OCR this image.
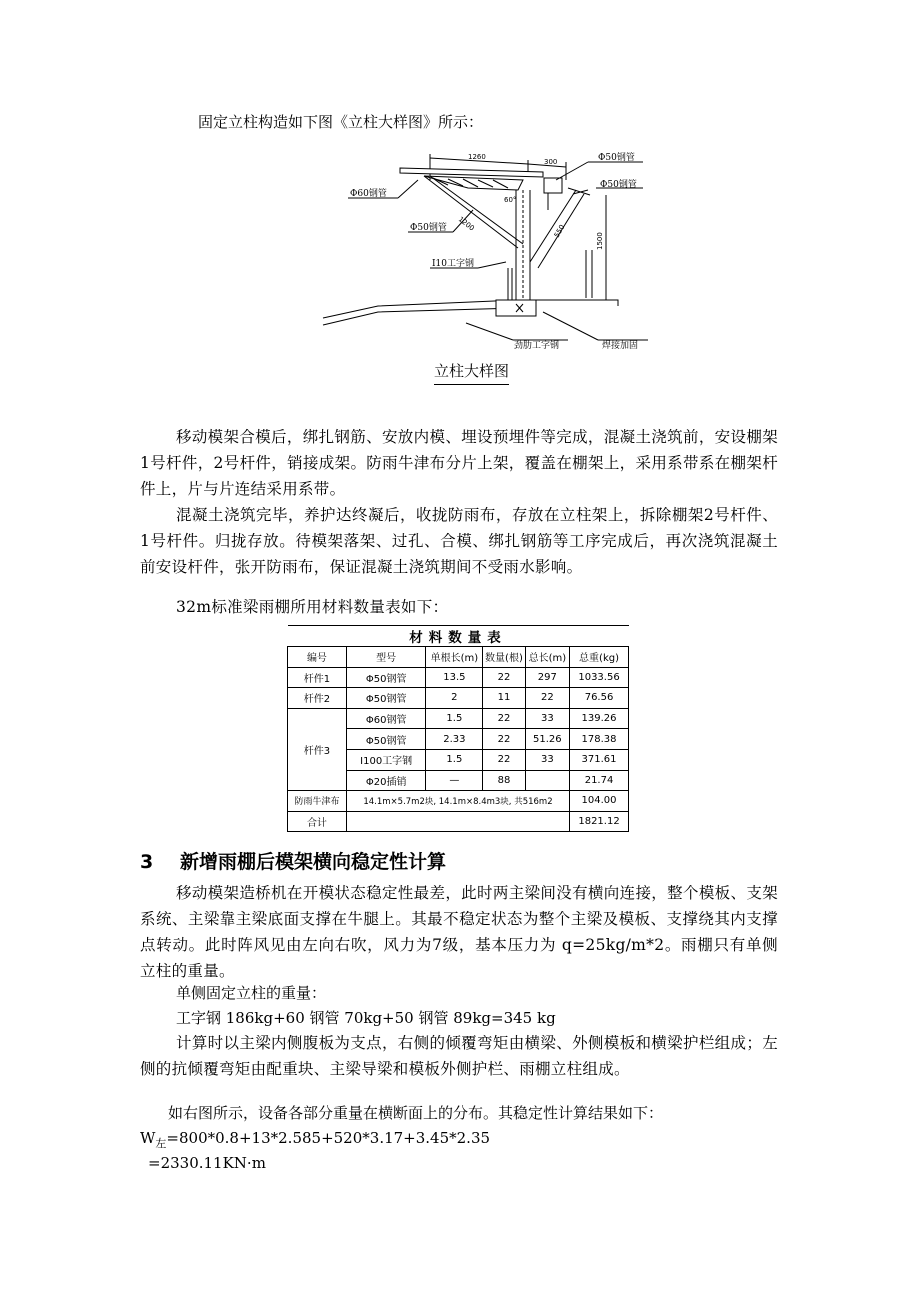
固定立柱构造如下图《立柱大样图》所示：
1260
300
1200	550
1500
60°
Φ50钢管
Φ50钢管
Φ60钢管
Φ50钢管
I10工字钢
劲肋工字钢	焊接加固
立柱大样图
移动模架合模后，绑扎钢筋、安放内模、埋设预埋件等完成，混凝土浇筑前，安设棚架1号杆件，2号杆件，销接成架。防雨牛津布分片上架，覆盖在棚架上，采用系带系在棚架杆件上，片与片连结采用系带。
混凝土浇筑完毕，养护达终凝后，收拢防雨布，存放在立柱架上，拆除棚架2号杆件、1号杆件。归拢存放。待模架落架、过孔、合模、绑扎钢筋等工序完成后，再次浇筑混凝土前安设杆件，张开防雨布，保证混凝土浇筑期间不受雨水影响。
32m标准梁雨棚所用材料数量表如下：
材料数量表					
编号	型号	单根长(m)	数量(根)	总长(m)	总重(kg)
杆件1	Φ50钢管	13.5	22	297	1033.56
杆件2	Φ50钢管	2	11	22	76.56
杆件3	Φ60钢管	1.5	22	33	139.26
	Φ50钢管	2.33	22	51.26	178.38
	I100工字钢	1.5	22	33	371.61
	Φ20插销	—	88		21.74
防雨牛津布	14.1m×5.7m2块, 14.1m×8.4m3块, 共516m2				104.00
合计					1821.12
3 新增雨棚后模架横向稳定性计算
移动模架造桥机在开模状态稳定性最差，此时两主梁间没有横向连接，整个模板、支架系统、主梁靠主梁底面支撑在牛腿上。其最不稳定状态为整个主梁及模板、支撑绕其内支撑点转动。此时阵风见由左向右吹，风力为7级，基本压力为 q=25kg/m*2。雨棚只有单侧立柱的重量。
单侧固定立柱的重量：
工字钢 186kg+60 钢管 70kg+50 钢管 89kg=345 kg
计算时以主梁内侧腹板为支点，右侧的倾覆弯矩由横梁、外侧模板和横梁护栏组成；左侧的抗倾覆弯矩由配重块、主梁导梁和模板外侧护栏、雨棚立柱组成。
如右图所示，设备各部分重量在横断面上的分布。其稳定性计算结果如下：
$W_左=800*0.8+13*2.585+520*3.17+3.45*2.35$
=2330.11KN·m
